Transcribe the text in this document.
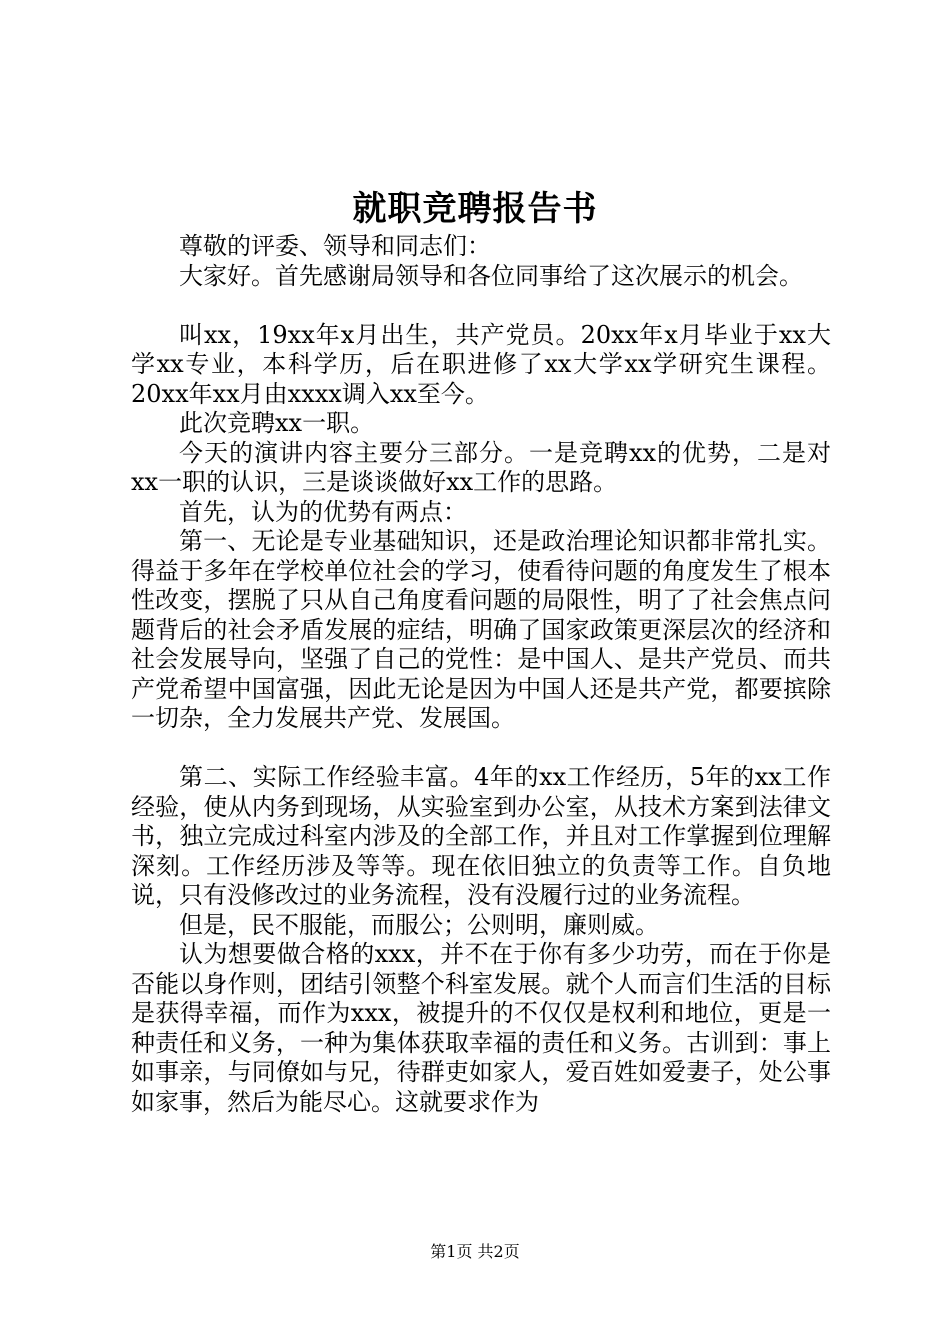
就职竞聘报告书

尊敬的评委、领导和同志们：

大家好。首先感谢局领导和各位同事给了这次展示的机会。

叫xx，19xx年x月出生，共产党员。20xx年x月毕业于xx大学xx专业，本科学历，后在职进修了xx大学xx学研究生课程。20xx年xx月由xxxx调入xx至今。

此次竞聘xx一职。

今天的演讲内容主要分三部分。一是竞聘xx的优势，二是对xx一职的认识，三是谈谈做好xx工作的思路。

首先，认为的优势有两点：

第一、无论是专业基础知识，还是政治理论知识都非常扎实。得益于多年在学校单位社会的学习，使看待问题的角度发生了根本性改变，摆脱了只从自己角度看问题的局限性，明了了社会焦点问题背后的社会矛盾发展的症结，明确了国家政策更深层次的经济和社会发展导向，坚强了自己的党性：是中国人、是共产党员、而共产党希望中国富强，因此无论是因为中国人还是共产党，都要摈除一切杂，全力发展共产党、发展国。

第二、实际工作经验丰富。4年的xx工作经历，5年的xx工作经验，使从内务到现场，从实验室到办公室，从技术方案到法律文书，独立完成过科室内涉及的全部工作，并且对工作掌握到位理解深刻。工作经历涉及等等。现在依旧独立的负责等工作。自负地说，只有没修改过的业务流程，没有没履行过的业务流程。

但是，民不服能，而服公；公则明，廉则威。

认为想要做合格的xxx，并不在于你有多少功劳，而在于你是否能以身作则，团结引领整个科室发展。就个人而言们生活的目标是获得幸福，而作为xxx，被提升的不仅仅是权利和地位，更是一种责任和义务，一种为集体获取幸福的责任和义务。古训到：事上如事亲，与同僚如与兄，待群吏如家人，爱百姓如爱妻子，处公事如家事，然后为能尽心。这就要求作为

第1页 共2页
